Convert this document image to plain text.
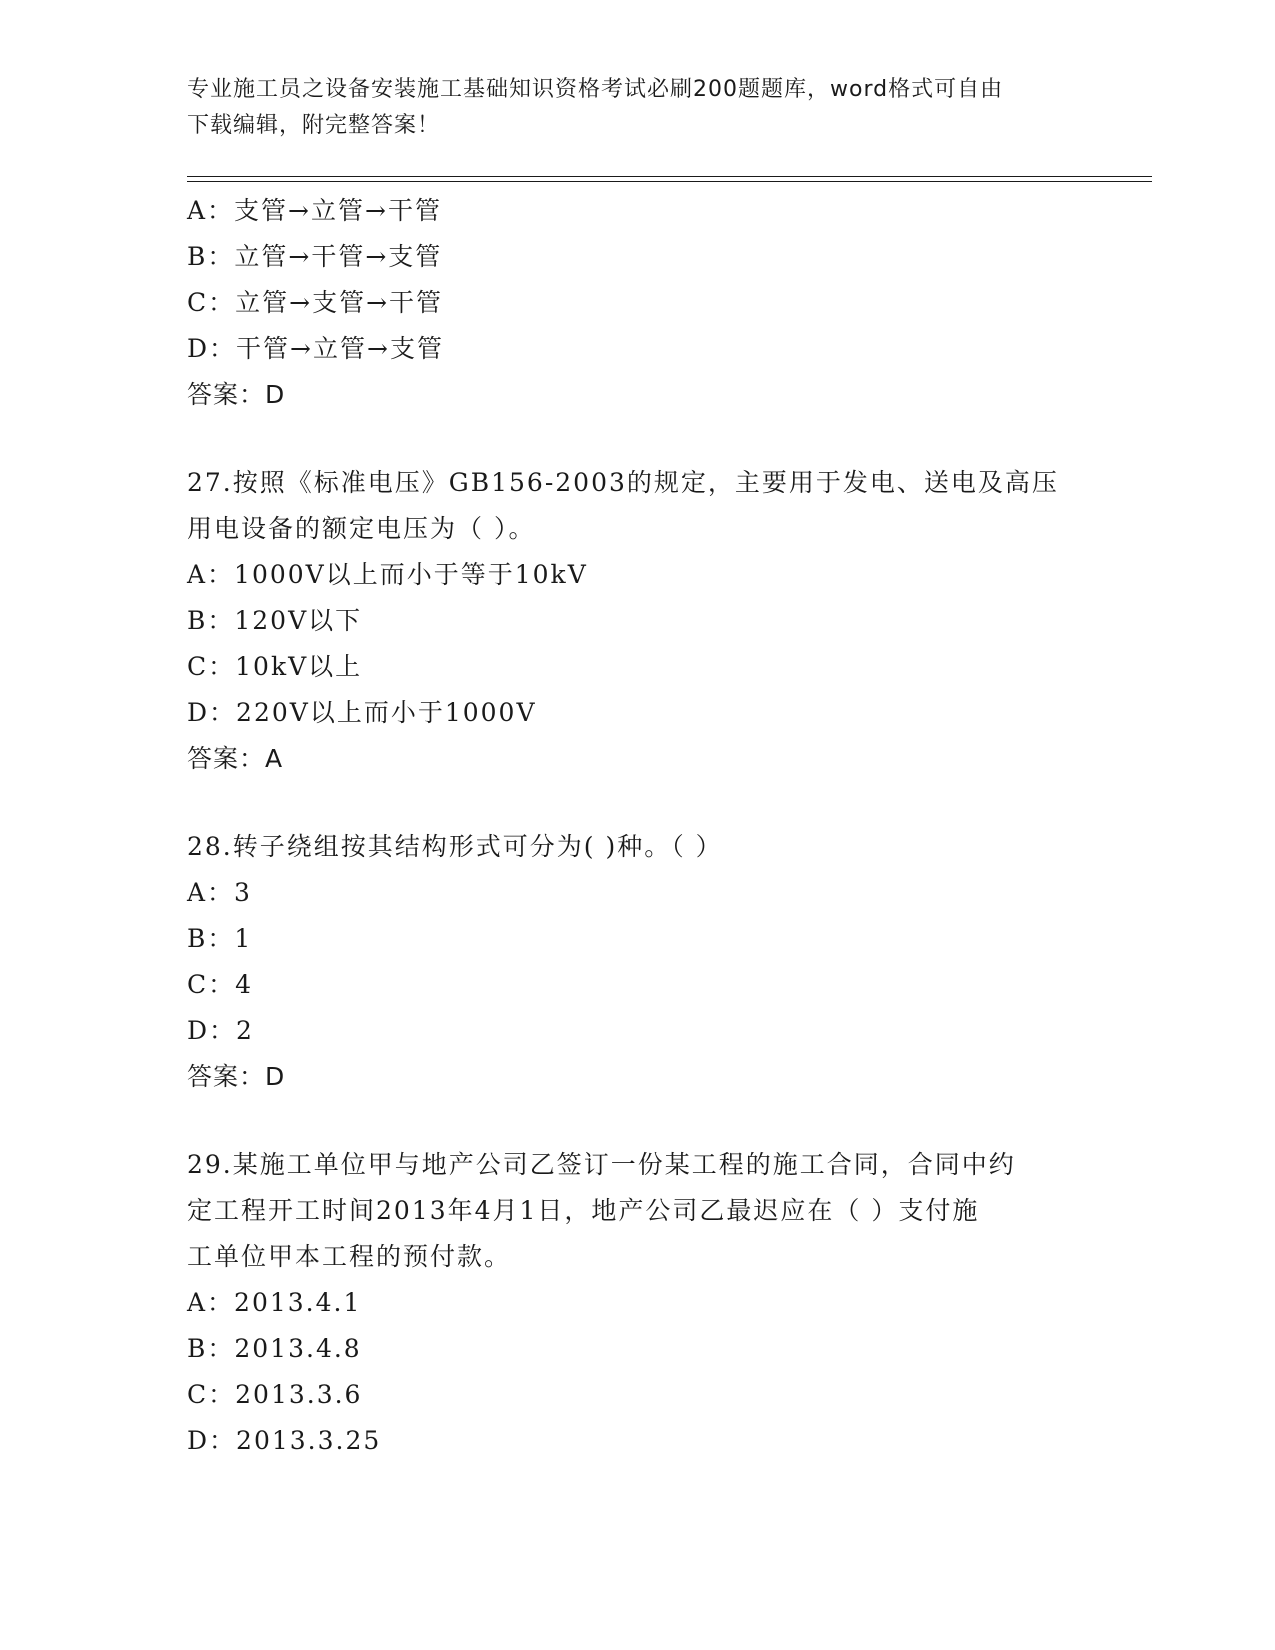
专业施工员之设备安装施工基础知识资格考试必刷200题题库，word格式可自由
下载编辑，附完整答案！
A：支管→立管→干管
B：立管→干管→支管
C：立管→支管→干管
D：干管→立管→支管
答案：D
27.按照《标准电压》GB156-2003的规定，主要用于发电、送电及高压
用电设备的额定电压为（ ）。
A：1000V以上而小于等于10kV
B：120V以下
C：10kV以上
D：220V以上而小于1000V
答案：A
28.转子绕组按其结构形式可分为( )种。（ ）
A：3
B：1
C：4
D：2
答案：D
29.某施工单位甲与地产公司乙签订一份某工程的施工合同，合同中约
定工程开工时间2013年4月1日，地产公司乙最迟应在（ ）支付施
工单位甲本工程的预付款。
A：2013.4.1
B：2013.4.8
C：2013.3.6
D：2013.3.25
